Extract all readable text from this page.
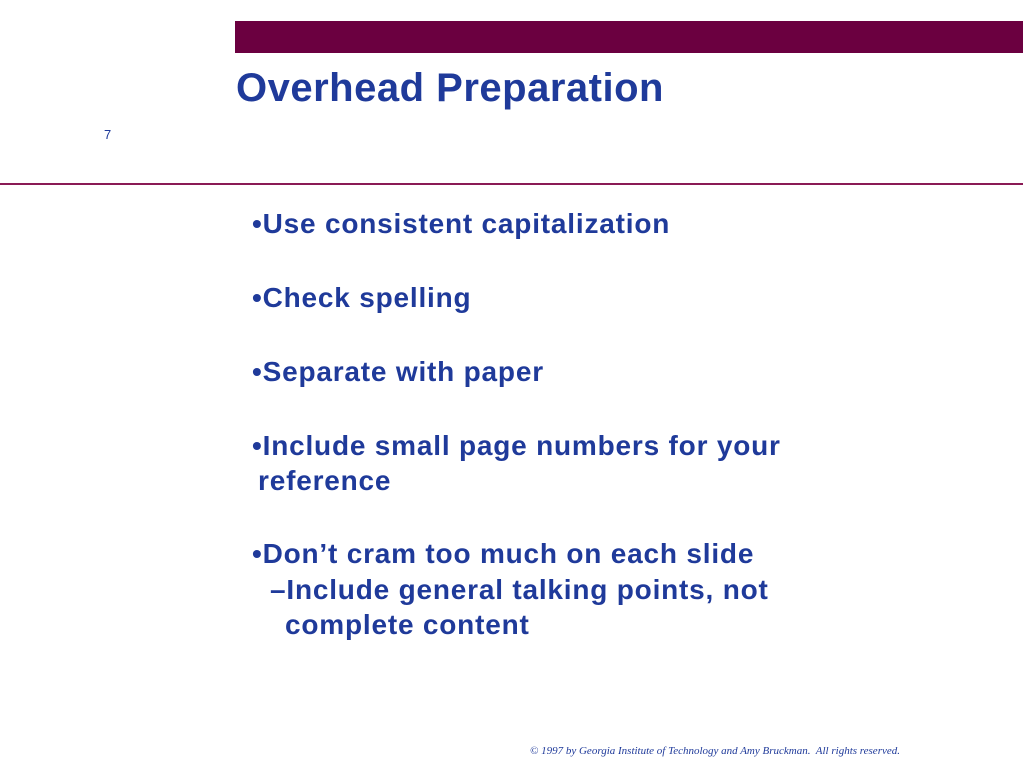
Overhead Preparation
7
•Use consistent capitalization
•Check spelling
•Separate with paper
•Include small page numbers for your
reference
•Don’t cram too much on each slide
–Include general talking points, not
complete content
© 1997 by Georgia Institute of Technology and Amy Bruckman.  All rights reserved.
